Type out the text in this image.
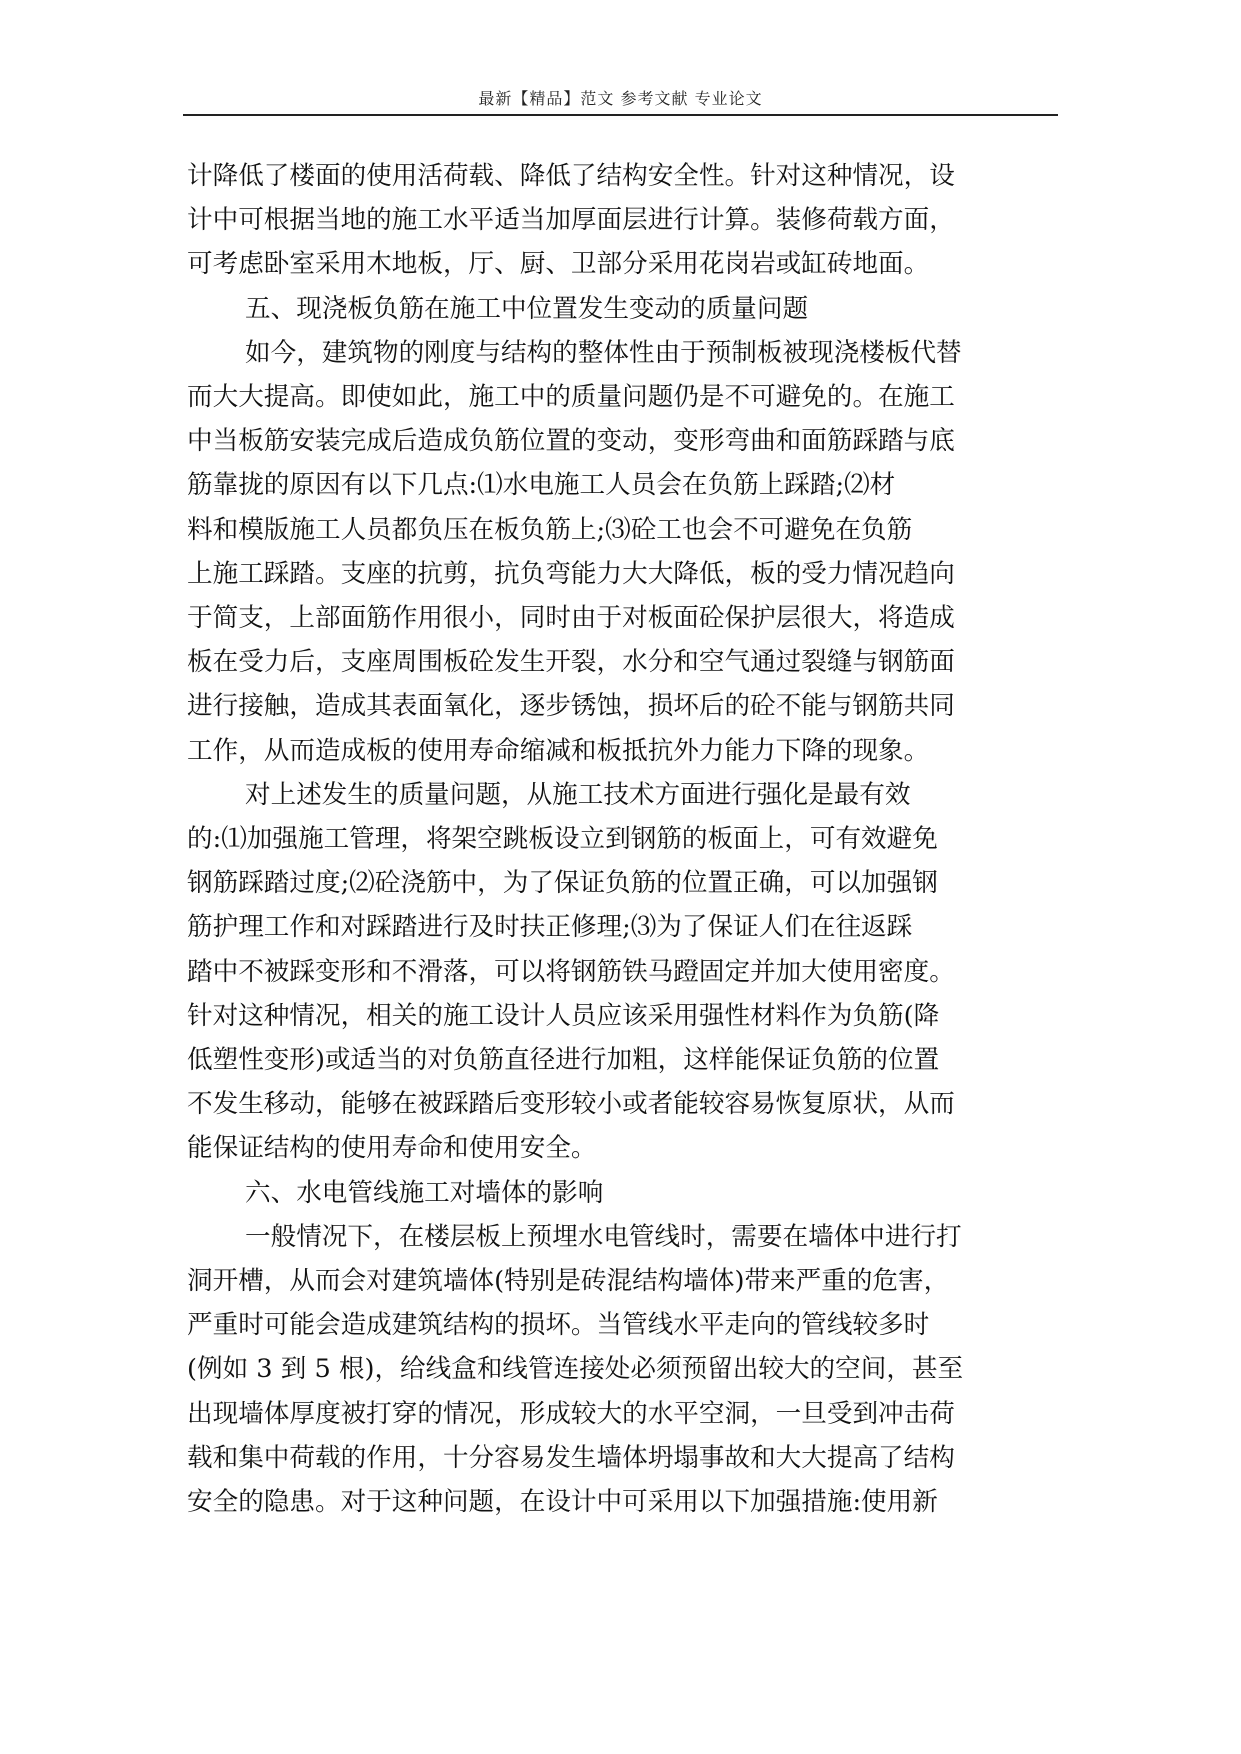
最新【精品】范文 参考文献 专业论文
计降低了楼面的使用活荷载、降低了结构安全性。针对这种情况，设
计中可根据当地的施工水平适当加厚面层进行计算。装修荷载方面，
可考虑卧室采用木地板，厅、厨、卫部分采用花岗岩或缸砖地面。
五、现浇板负筋在施工中位置发生变动的质量问题
如今，建筑物的刚度与结构的整体性由于预制板被现浇楼板代替
而大大提高。即使如此，施工中的质量问题仍是不可避免的。在施工
中当板筋安装完成后造成负筋位置的变动，变形弯曲和面筋踩踏与底
筋靠拢的原因有以下几点:⑴水电施工人员会在负筋上踩踏;⑵材
料和模版施工人员都负压在板负筋上;⑶砼工也会不可避免在负筋
上施工踩踏。支座的抗剪，抗负弯能力大大降低，板的受力情况趋向
于简支，上部面筋作用很小，同时由于对板面砼保护层很大，将造成
板在受力后，支座周围板砼发生开裂，水分和空气通过裂缝与钢筋面
进行接触，造成其表面氧化，逐步锈蚀，损坏后的砼不能与钢筋共同
工作，从而造成板的使用寿命缩减和板抵抗外力能力下降的现象。
对上述发生的质量问题，从施工技术方面进行强化是最有效
的:⑴加强施工管理，将架空跳板设立到钢筋的板面上，可有效避免
钢筋踩踏过度;⑵砼浇筋中，为了保证负筋的位置正确，可以加强钢
筋护理工作和对踩踏进行及时扶正修理;⑶为了保证人们在往返踩
踏中不被踩变形和不滑落，可以将钢筋铁马蹬固定并加大使用密度。
针对这种情况，相关的施工设计人员应该采用强性材料作为负筋(降
低塑性变形)或适当的对负筋直径进行加粗，这样能保证负筋的位置
不发生移动，能够在被踩踏后变形较小或者能较容易恢复原状，从而
能保证结构的使用寿命和使用安全。
六、水电管线施工对墙体的影响
一般情况下，在楼层板上预埋水电管线时，需要在墙体中进行打
洞开槽，从而会对建筑墙体(特别是砖混结构墙体)带来严重的危害，
严重时可能会造成建筑结构的损坏。当管线水平走向的管线较多时
(例如 3 到 5 根)，给线盒和线管连接处必须预留出较大的空间，甚至
出现墙体厚度被打穿的情况，形成较大的水平空洞，一旦受到冲击荷
载和集中荷载的作用，十分容易发生墙体坍塌事故和大大提高了结构
安全的隐患。对于这种问题，在设计中可采用以下加强措施:使用新
